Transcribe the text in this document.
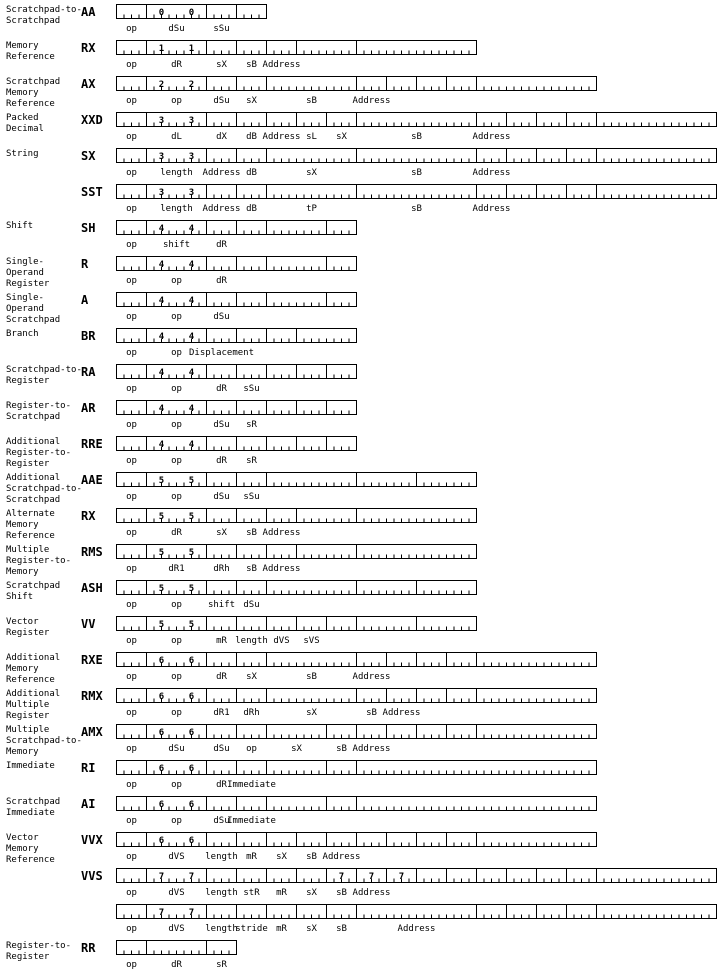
Scratchpad-to-
Scratchpad
AA	0	0
op	dSu	sSu
Memory
Reference
RX	1	1
op	dR	sX sB Address
Scratchpad
Memory
Reference
AX	2	2
op	op	dSu sX	sB	Address
Packed
Decimal
XXD	3	3
op	dL	dX dB Address sL sX	sB	Address
String	SX	3	3
op	length Address dB	sX	sB	Address
SST	3	3
op	length Address dB	tP	sB	Address
Shift	SH	4	4
op	shift	dR
Single-
Operand
Register
R	4	4
op	op	dR
Single-
Operand
Scratchpad
A	4	4
op	op	dSu
Branch	BR	4	4
op	op Displacement
Scratchpad-to-
Register
RA	4	4
op	op	dR sSu
Register-to-
Scratchpad
AR	4	4
op	op	dSu sR
Additional
Register-to-
Register
RRE	4	4
op	op	dR sR
Additional
Scratchpad-to-
Scratchpad
AAE	5	5
op	op	dSu sSu
Alternate
Memory
Reference
RX	5	5
op	dR	sX sB Address
Multiple
Register-to-
Memory
RMS	5	5
op	dR1	dRh sB Address
Scratchpad
Shift
ASH	5	5
op	op	shift dSu
Vector
Register
VV	5	5
op	op	mR length dVS sVS
Additional
Memory
Reference
RXE	6	6
op	op	dR sX	sB	Address
Additional
Multiple
Register
RMX	6	6
op	op	dR1 dRh	sX	sB Address
Multiple
Scratchpad-to-
Memory
AMX	6	6
op	dSu	dSu op	sX	sB Address
Immediate RI	6	6
op	op	dR Immediate
Scratchpad
Immediate
AI	6	6
op	op	dSu
Immediate
Vector
Memory
Reference
VVX	6	6
op	dVS length mR sX sB Address
VVS	7	7	7	7	7
op	dVS length stR mR sX sB Address
7	7
op	dVS length
stride mR sX sB	Address
Register-to-
Register
RR
op	dR	sR
